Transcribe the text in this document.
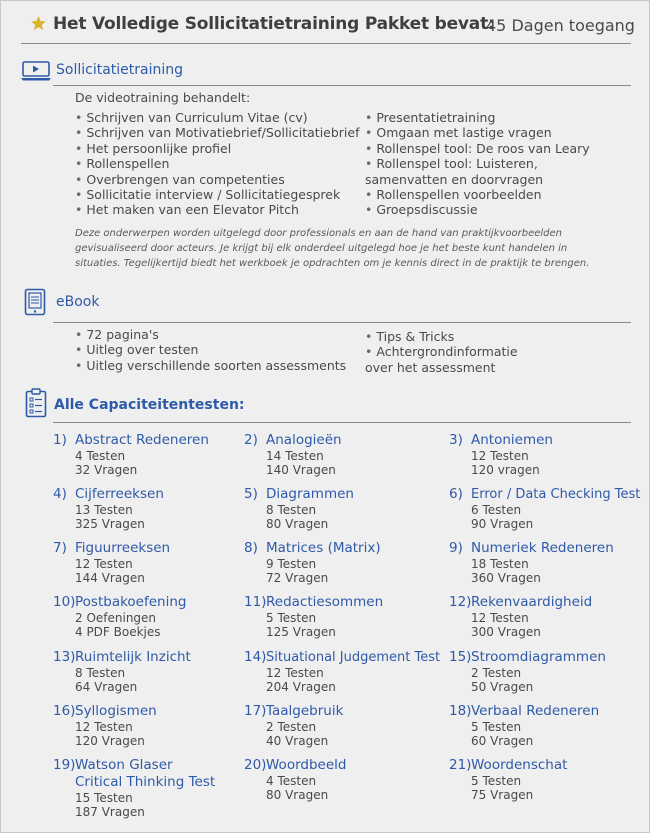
Het Volledige Sollicitatietraining Pakket bevat:
45 Dagen toegang
Sollicitatietraining
De videotraining behandelt:
• Schrijven van Curriculum Vitae (cv)
• Schrijven van Motivatiebrief/Sollicitatiebrief
• Het persoonlijke profiel
• Rollenspellen
• Overbrengen van competenties
• Sollicitatie interview / Sollicitatiegesprek
• Het maken van een Elevator Pitch
• Presentatietraining
• Omgaan met lastige vragen
• Rollenspel tool: De roos van Leary
• Rollenspel tool: Luisteren, samenvatten en doorvragen
• Rollenspellen voorbeelden
• Groepsdiscussie
Deze onderwerpen worden uitgelegd door professionals en aan de hand van praktijkvoorbeelden gevisualiseerd door acteurs. Je krijgt bij elk onderdeel uitgelegd hoe je het beste kunt handelen in situaties. Tegelijkertijd biedt het werkboek je opdrachten om je kennis direct in de praktijk te brengen.
eBook
• 72 pagina's
• Uitleg over testen
• Uitleg verschillende soorten assessments
• Tips & Tricks
• Achtergrondinformatie over het assessment
Alle Capaciteitentesten:
1) Abstract Redeneren
4 Testen
32 Vragen
2) Analogieën
14 Testen
140 Vragen
3) Antoniemen
12 Testen
120 vragen
4) Cijferreeksen
13 Testen
325 Vragen
5) Diagrammen
8 Testen
80 Vragen
6) Error / Data Checking Test
6 Testen
90 Vragen
7) Figuurreeksen
12 Testen
144 Vragen
8) Matrices (Matrix)
9 Testen
72 Vragen
9) Numeriek Redeneren
18 Testen
360 Vragen
10)Postbakoefening
2 Oefeningen
4 PDF Boekjes
11)Redactiesommen
5 Testen
125 Vragen
12)Rekenvaardigheid
12 Testen
300 Vragen
13)Ruimtelijk Inzicht
8 Testen
64 Vragen
14)Situational Judgement Test
12 Testen
204 Vragen
15)Stroomdiagrammen
2 Testen
50 Vragen
16)Syllogismen
12 Testen
120 Vragen
17)Taalgebruik
2 Testen
40 Vragen
18)Verbaal Redeneren
5 Testen
60 Vragen
19) Watson Glaser Critical Thinking Test
15 Testen
187 Vragen
20)Woordbeeld
4 Testen
80 Vragen
21)Woordenschat
5 Testen
75 Vragen
